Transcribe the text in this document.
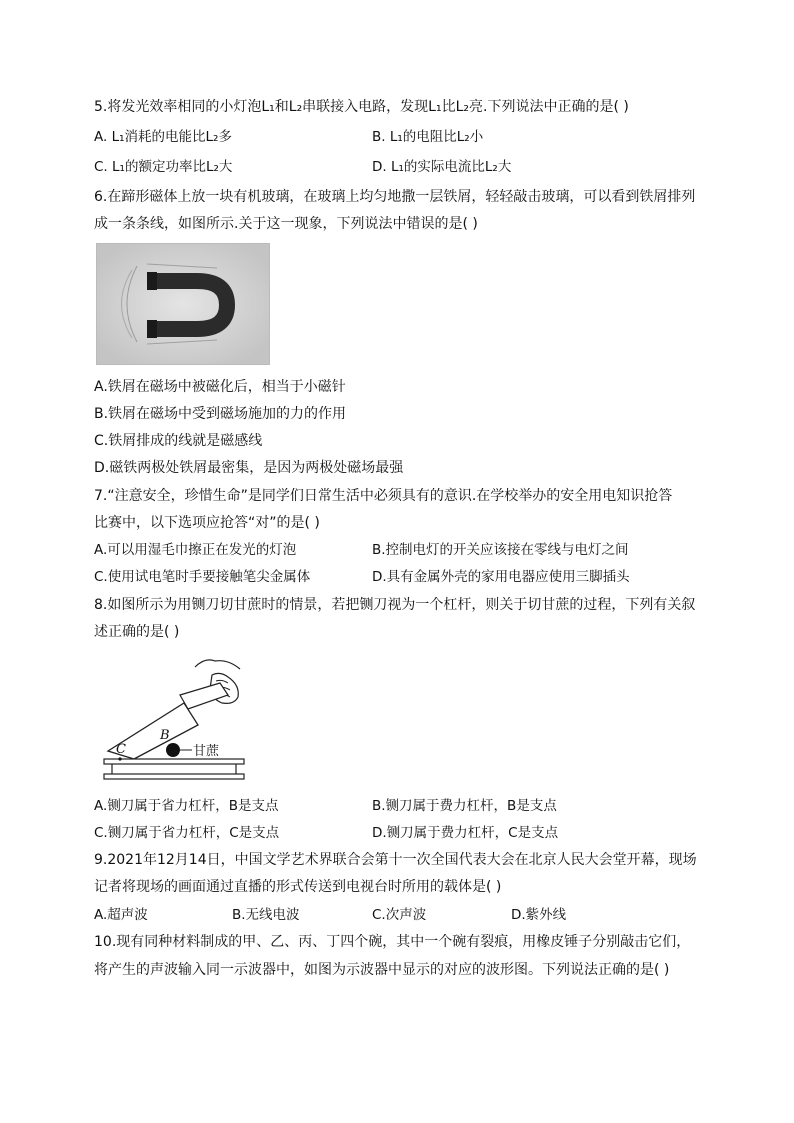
5.将发光效率相同的小灯泡L₁和L₂串联接入电路，发现L₁比L₂亮.下列说法中正确的是( )
A. L₁消耗的电能比L₂多	B. L₁的电阻比L₂小
C. L₁的额定功率比L₂大	D. L₁的实际电流比L₂大
6.在蹄形磁体上放一块有机玻璃，在玻璃上均匀地撒一层铁屑，轻轻敲击玻璃，可以看到铁屑排列
成一条条线，如图所示.关于这一现象，下列说法中错误的是( )
A.铁屑在磁场中被磁化后，相当于小磁针
B.铁屑在磁场中受到磁场施加的力的作用
C.铁屑排成的线就是磁感线
D.磁铁两极处铁屑最密集，是因为两极处磁场最强
7.“注意安全，珍惜生命”是同学们日常生活中必须具有的意识.在学校举办的安全用电知识抢答
比赛中，以下选项应抢答“对”的是( )
A.可以用湿毛巾擦正在发光的灯泡	B.控制电灯的开关应该接在零线与电灯之间
C.使用试电笔时手要接触笔尖金属体	D.具有金属外壳的家用电器应使用三脚插头
8.如图所示为用铡刀切甘蔗时的情景，若把铡刀视为一个杠杆，则关于切甘蔗的过程，下列有关叙
述正确的是( )
B
C	甘蔗
A.铡刀属于省力杠杆，B是支点	B.铡刀属于费力杠杆，B是支点
C.铡刀属于省力杠杆，C是支点	D.铡刀属于费力杠杆，C是支点
9.2021年12月14日，中国文学艺术界联合会第十一次全国代表大会在北京人民大会堂开幕，现场
记者将现场的画面通过直播的形式传送到电视台时所用的载体是( )
A.超声波	B.无线电波	C.次声波	D.紫外线
10.现有同种材料制成的甲、乙、丙、丁四个碗，其中一个碗有裂痕，用橡皮锤子分别敲击它们，
将产生的声波输入同一示波器中，如图为示波器中显示的对应的波形图。下列说法正确的是( )
